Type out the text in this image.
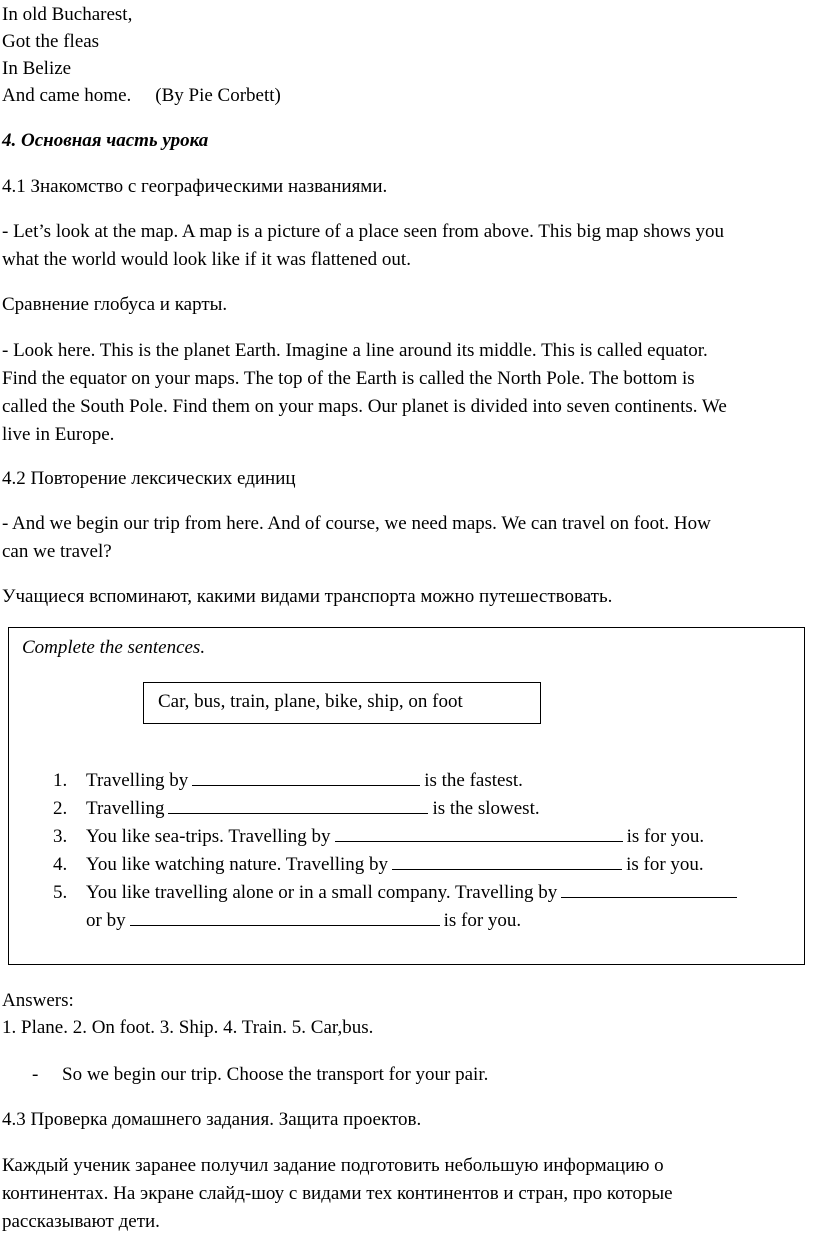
In old Bucharest,
Got the fleas
In Belize
And came home. (By Pie Corbett)
4. Основная часть урока
4.1 Знакомство с географическими названиями.
- Let’s look at the map. A map is a picture of a place seen from above. This big map shows you
what the world would look like if it was flattened out.
Сравнение глобуса и карты.
- Look here. This is the planet Earth. Imagine a line around its middle. This is called equator.
Find the equator on your maps. The top of the Earth is called the North Pole. The bottom is
called the South Pole. Find them on your maps. Our planet is divided into seven continents. We
live in Europe.
4.2 Повторение лексических единиц
- And we begin our trip from here. And of course, we need maps. We can travel on foot. How
can we travel?
Учащиеся вспоминают, какими видами транспорта можно путешествовать.
Complete the sentences.
Car, bus, train, plane, bike, ship, on foot
1. Travelling by	is the fastest.
2. Travelling	is the slowest.
3. You like sea-trips. Travelling by	is for you.
4. You like watching nature. Travelling by	is for you.
5. You like travelling alone or in a small company. Travelling by
or by	is for you.
Answers:
1. Plane. 2. On foot. 3. Ship. 4. Train. 5. Car,bus.
- So we begin our trip. Choose the transport for your pair.
4.3 Проверка домашнего задания. Защита проектов.
Каждый ученик заранее получил задание подготовить небольшую информацию о
континентах. На экране слайд-шоу с видами тех континентов и стран, про которые
рассказывают дети.
